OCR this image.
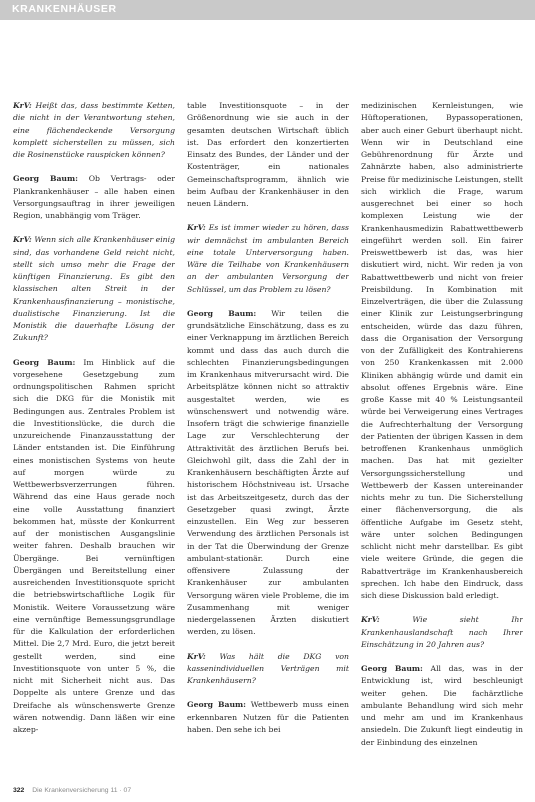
KRANKENHÄUSER

KrV: Heißt das, dass bestimmte Ketten, die nicht in der Verantwortung stehen, eine flächendeckende Versorgung komplett sicherstellen zu müssen, sich die Rosinenstücke rauspicken können?

Georg Baum: Ob Vertrags- oder Plankrankenhäuser – alle haben einen Versorgungsauftrag in ihrer jeweiligen Region, unabhängig vom Träger.

KrV: Wenn sich alle Krankenhäuser einig sind, das vorhandene Geld reicht nicht, stellt sich umso mehr die Frage der künftigen Finanzierung. Es gibt den klassischen alten Streit in der Krankenhausfinanzierung – monistische, dualistische Finanzierung. Ist die Monistik die dauerhafte Lösung der Zukunft?

Georg Baum: Im Hinblick auf die vorgesehene Gesetzgebung zum ordnungspolitischen Rahmen spricht sich die DKG für die Monistik mit Bedingungen aus. Zentrales Problem ist die Investitionslücke, die durch die unzureichende Finanzausstattung der Länder entstanden ist. Die Einführung eines monistischen Systems von heute auf morgen würde zu Wettbewerbsverzerrungen führen. Während das eine Haus gerade noch eine volle Ausstattung finanziert bekommen hat, müsste der Konkurrent auf der monistischen Ausgangslinie weiter fahren. Deshalb brauchen wir Übergänge. Bei vernünftigen Übergängen und Bereitstellung einer ausreichenden Investitionsquote spricht die betriebswirtschaftliche Logik für Monistik. Weitere Voraussetzung wäre eine vernünftige Bemessungsgrundlage für die Kalkulation der erforderlichen Mittel. Die 2,7 Mrd. Euro, die jetzt bereit gestellt werden, sind eine Investitionsquote von unter 5 %, die nicht mit Sicherheit nicht aus. Das Doppelte als untere Grenze und das Dreifache als wünschenswerte Grenze wären notwendig. Dann läßen wir eine akzep-

table Investitionsquote – in der Größenordnung wie sie auch in der gesamten deutschen Wirtschaft üblich ist. Das erfordert den konzertierten Einsatz des Bundes, der Länder und der Kostenträger, ein nationales Gemeinschaftsprogramm, ähnlich wie beim Aufbau der Krankenhäuser in den neuen Ländern.

KrV: Es ist immer wieder zu hören, dass wir demnächst im ambulanten Bereich eine totale Unterversorgung haben. Wäre die Teilhabe von Krankenhäusern an der ambulanten Versorgung der Schlüssel, um das Problem zu lösen?

Georg Baum: Wir teilen die grundsätzliche Einschätzung, dass es zu einer Verknappung im ärztlichen Bereich kommt und dass das auch durch die schlechten Finanzierungsbedingungen im Krankenhaus mitverursacht wird. Die Arbeitsplätze können nicht so attraktiv ausgestaltet werden, wie es wünschenswert und notwendig wäre. Insofern trägt die schwierige finanzielle Lage zur Verschlechterung der Attraktivität des ärztlichen Berufs bei. Gleichwohl gilt, dass die Zahl der in Krankenhäusern beschäftigten Ärzte auf historischem Höchstniveau ist. Ursache ist das Arbeitszeitgesetz, durch das der Gesetzgeber quasi zwingt, Ärzte einzustellen. Ein Weg zur besseren Verwendung des ärztlichen Personals ist in der Tat die Überwindung der Grenze ambulant-stationär. Durch eine offensivere Zulassung der Krankenhäuser zur ambulanten Versorgung wären viele Probleme, die im Zusammenhang mit weniger niedergelassenen Ärzten diskutiert werden, zu lösen.

KrV: Was hält die DKG von kassenindividuellen Verträgen mit Krankenhäusern?

Georg Baum: Wettbewerb muss einen erkennbaren Nutzen für die Patienten haben. Den sehe ich bei

medizinischen Kernleistungen, wie Hüftoperationen, Bypassoperationen, aber auch einer Geburt überhaupt nicht. Wenn wir in Deutschland eine Gebührenordnung für Ärzte und Zahnärzte haben, also administrierte Preise für medizinische Leistungen, stellt sich wirklich die Frage, warum ausgerechnet bei einer so hoch komplexen Leistung wie der Krankenhausmedizin Rabattwettbewerb eingeführt werden soll. Ein fairer Preiswettbewerb ist das, was hier diskutiert wird, nicht. Wir reden ja von Rabattwettbewerb und nicht von freier Preisbildung. In Kombination mit Einzelverträgen, die über die Zulassung einer Klinik zur Leistungserbringung entscheiden, würde das dazu führen, dass die Organisation der Versorgung von der Zufälligkeit des Kontrahierens von 250 Krankenkassen mit 2.000 Kliniken abhängig würde und damit ein absolut offenes Ergebnis wäre. Eine große Kasse mit 40 % Leistungsanteil würde bei Verweigerung eines Vertrages die Aufrechterhaltung der Versorgung der Patienten der übrigen Kassen in dem betroffenen Krankenhaus unmöglich machen. Das hat mit gezielter Versorgungssicherstellung und Wettbewerb der Kassen untereinander nichts mehr zu tun. Die Sicherstellung einer flächenversorgung, die als öffentliche Aufgabe im Gesetz steht, wäre unter solchen Bedingungen schlicht nicht mehr darstellbar. Es gibt viele weitere Gründe, die gegen die Rabattverträge im Krankenhausbereich sprechen. Ich habe den Eindruck, dass sich diese Diskussion bald erledigt.

KrV:	Wie sieht Ihr Krankenhauslandschaft nach Ihrer Einschätzung in 20 Jahren aus?

Georg Baum: All das, was in der Entwicklung ist, wird beschleunigt weiter gehen. Die fachärztliche ambulante Behandlung wird sich mehr und mehr am und im Krankenhaus ansiedeln. Die Zukunft liegt eindeutig in der Einbindung des einzelnen

322 Die Krankenversicherung 11 · 07
